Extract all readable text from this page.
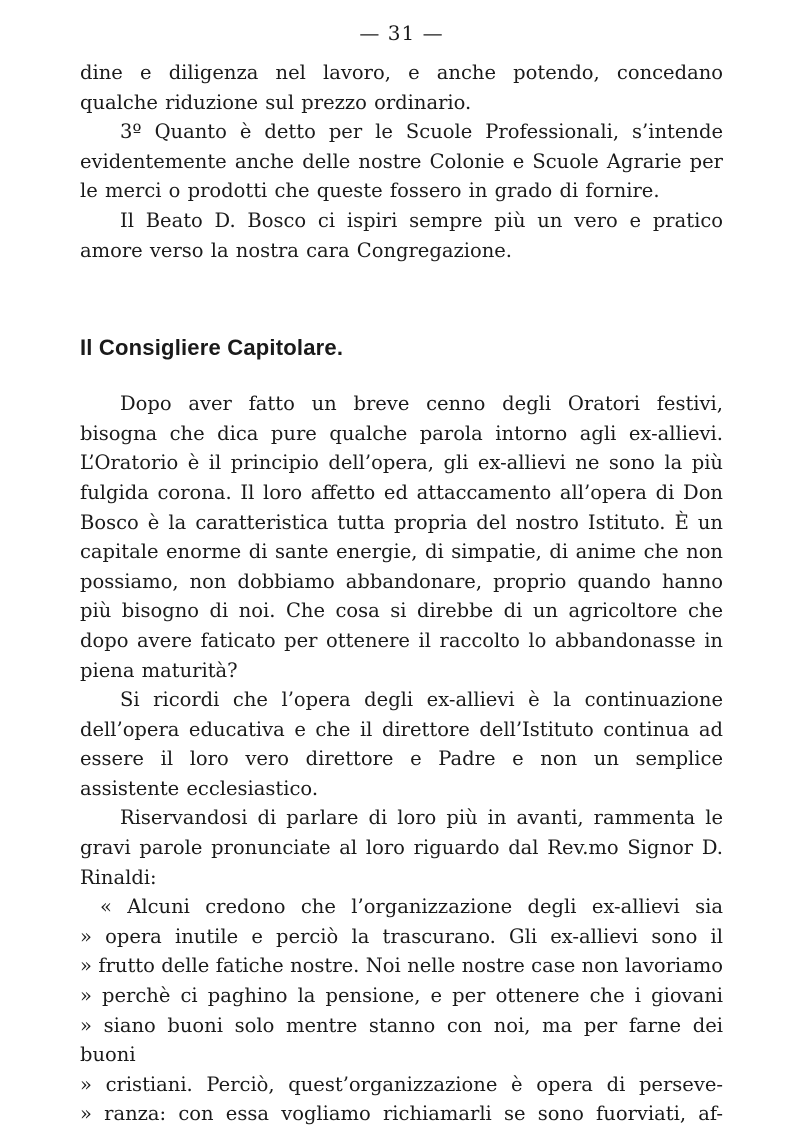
— 31 —

dine e diligenza nel lavoro, e anche potendo, concedano qualche riduzione sul prezzo ordinario.

3º Quanto è detto per le Scuole Professionali, s’intende evidentemente anche delle nostre Colonie e Scuole Agrarie per le merci o prodotti che queste fossero in grado di fornire.

Il Beato D. Bosco ci ispiri sempre più un vero e pratico amore verso la nostra cara Congregazione.

Il Consigliere Capitolare.

Dopo aver fatto un breve cenno degli Oratori festivi, bisogna che dica pure qualche parola intorno agli ex-allievi. L’Oratorio è il principio dell’opera, gli ex-allievi ne sono la più fulgida corona. Il loro affetto ed attaccamento all’opera di Don Bosco è la caratteristica tutta propria del nostro Istituto. È un capitale enorme di sante energie, di simpatie, di anime che non possiamo, non dobbiamo abbandonare, proprio quando hanno più bisogno di noi. Che cosa si direbbe di un agricoltore che dopo avere faticato per ottenere il raccolto lo abbandonasse in piena maturità?

Si ricordi che l’opera degli ex-allievi è la continuazione dell’opera educativa e che il direttore dell’Istituto continua ad essere il loro vero direttore e Padre e non un semplice assistente ecclesiastico.

Riservandosi di parlare di loro più in avanti, rammenta le gravi parole pronunciate al loro riguardo dal Rev.mo Signor D. Rinaldi:

« Alcuni credono che l’organizzazione degli ex-allievi sia
» opera inutile e perciò la trascurano. Gli ex-allievi sono il
» frutto delle fatiche nostre. Noi nelle nostre case non lavoriamo
» perchè ci paghino la pensione, e per ottenere che i giovani
» siano buoni solo mentre stanno con noi, ma per farne dei buoni
» cristiani. Perciò, quest’organizzazione è opera di perseve-
» ranza: con essa vogliamo richiamarli se sono fuorviati, af-
